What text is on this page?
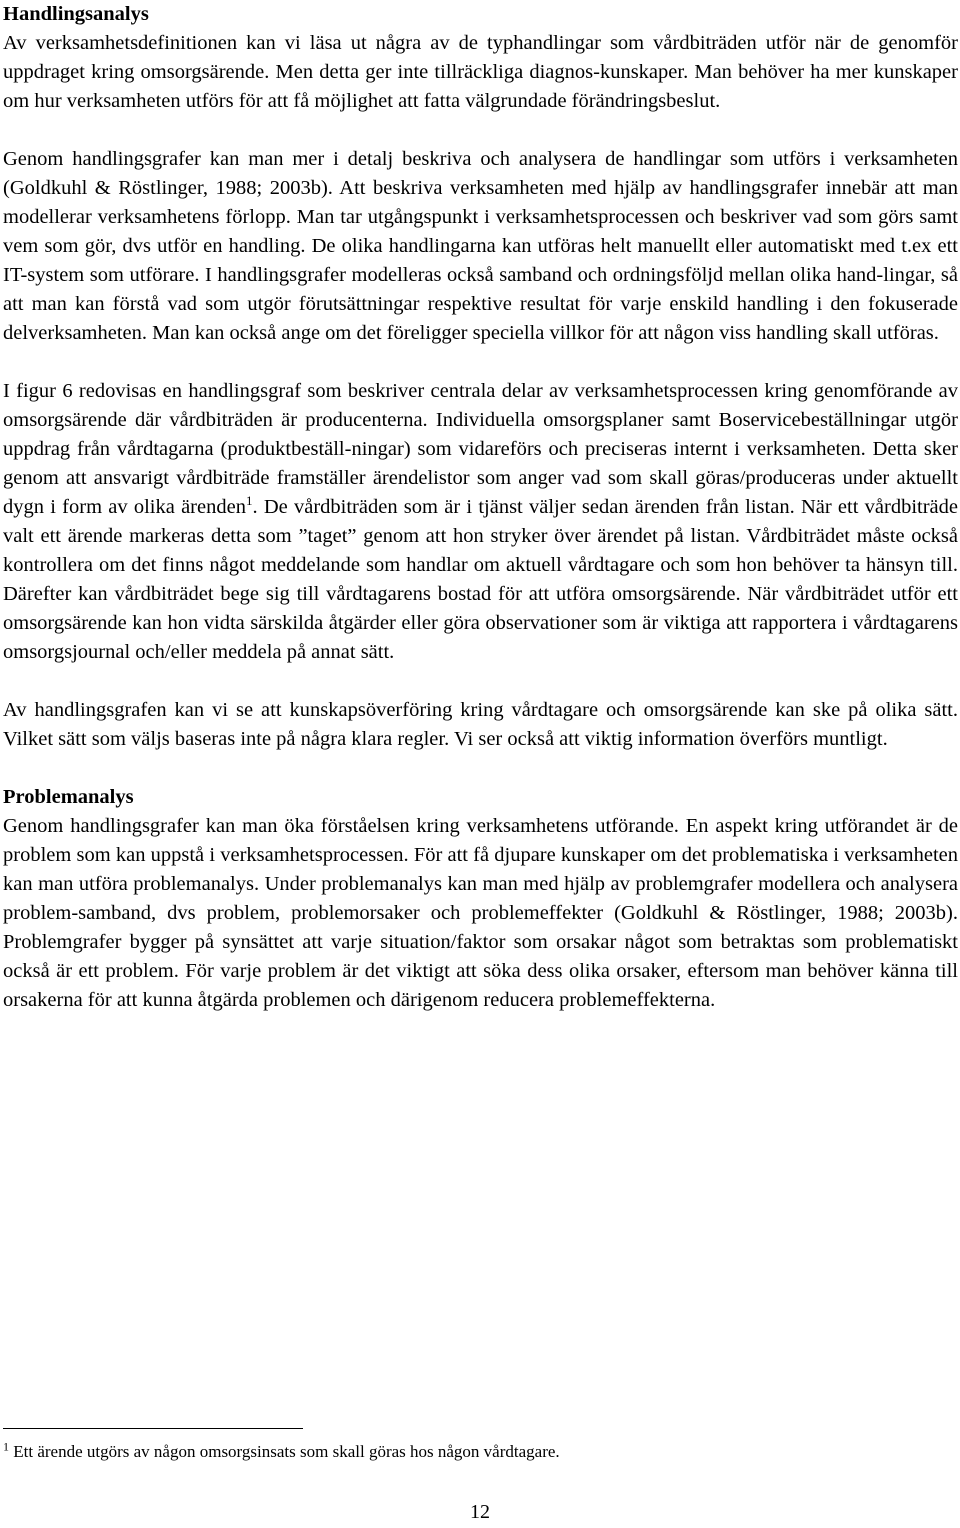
Handlingsanalys

Av verksamhetsdefinitionen kan vi läsa ut några av de typhandlingar som vårdbiträden utför när de genomför uppdraget kring omsorgsärende. Men detta ger inte tillräckliga diagnos-kunskaper. Man behöver ha mer kunskaper om hur verksamheten utförs för att få möjlighet att fatta välgrundade förändringsbeslut.

Genom handlingsgrafer kan man mer i detalj beskriva och analysera de handlingar som utförs i verksamheten (Goldkuhl & Röstlinger, 1988; 2003b). Att beskriva verksamheten med hjälp av handlingsgrafer innebär att man modellerar verksamhetens förlopp. Man tar utgångspunkt i verksamhetsprocessen och beskriver vad som görs samt vem som gör, dvs utför en handling. De olika handlingarna kan utföras helt manuellt eller automatiskt med t.ex ett IT-system som utförare. I handlingsgrafer modelleras också samband och ordningsföljd mellan olika hand-lingar, så att man kan förstå vad som utgör förutsättningar respektive resultat för varje enskild handling i den fokuserade delverksamheten. Man kan också ange om det föreligger speciella villkor för att någon viss handling skall utföras.

I figur 6 redovisas en handlingsgraf som beskriver centrala delar av verksamhetsprocessen kring genomförande av omsorgsärende där vårdbiträden är producenterna. Individuella omsorgsplaner samt Boservicebeställningar utgör uppdrag från vårdtagarna (produktbeställ-ningar) som vidareförs och preciseras internt i verksamheten. Detta sker genom att ansvarigt vårdbiträde framställer ärendelistor som anger vad som skall göras/produceras under aktuellt dygn i form av olika ärenden$^1$. De vårdbiträden som är i tjänst väljer sedan ärenden från listan. När ett vårdbiträde valt ett ärende markeras detta som ”taget” genom att hon stryker över ärendet på listan. Vårdbiträdet måste också kontrollera om det finns något meddelande som handlar om aktuell vårdtagare och som hon behöver ta hänsyn till. Därefter kan vårdbiträdet bege sig till vårdtagarens bostad för att utföra omsorgsärende. När vårdbiträdet utför ett omsorgsärende kan hon vidta särskilda åtgärder eller göra observationer som är viktiga att rapportera i vårdtagarens omsorgsjournal och/eller meddela på annat sätt.

Av handlingsgrafen kan vi se att kunskapsöverföring kring vårdtagare och omsorgsärende kan ske på olika sätt. Vilket sätt som väljs baseras inte på några klara regler. Vi ser också att viktig information överförs muntligt.

Problemanalys

Genom handlingsgrafer kan man öka förståelsen kring verksamhetens utförande. En aspekt kring utförandet är de problem som kan uppstå i verksamhetsprocessen. För att få djupare kunskaper om det problematiska i verksamheten kan man utföra problemanalys. Under problemanalys kan man med hjälp av problemgrafer modellera och analysera problem-samband, dvs problem, problemorsaker och problemeffekter (Goldkuhl & Röstlinger, 1988; 2003b). Problemgrafer bygger på synsättet att varje situation/faktor som orsakar något som betraktas som problematiskt också är ett problem. För varje problem är det viktigt att söka dess olika orsaker, eftersom man behöver känna till orsakerna för att kunna åtgärda problemen och därigenom reducera problemeffekterna.

$^1$ Ett ärende utgörs av någon omsorgsinsats som skall göras hos någon vårdtagare.
12
